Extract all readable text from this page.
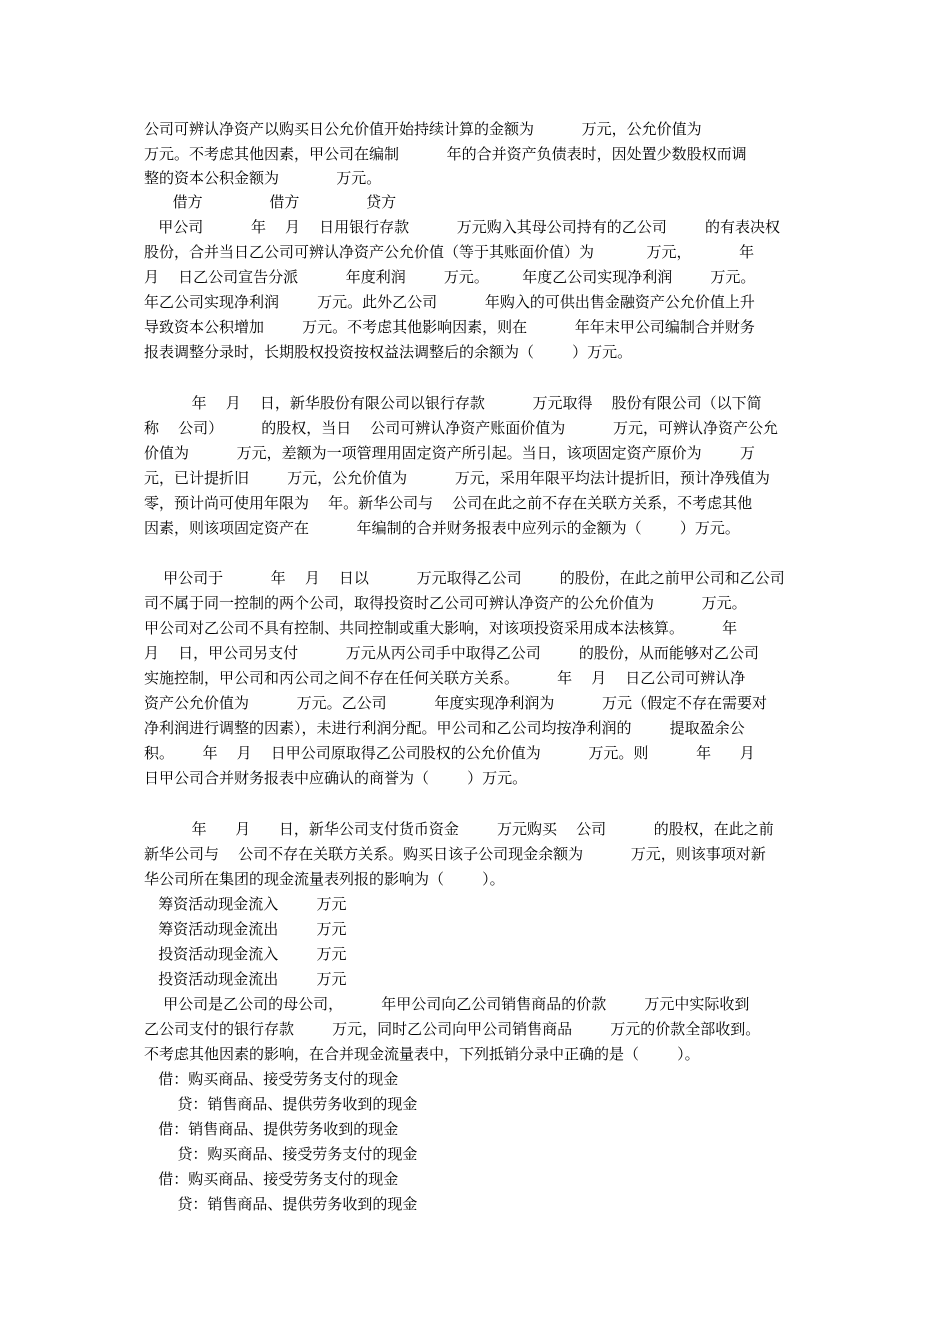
公司可辨认净资产以购买日公允价值开始持续计算的金额为          万元，公允价值为

万元。不考虑其他因素，甲公司在编制          年的合并资产负债表时，因处置少数股权而调

整的资本公积金额为            万元。

借方              借方              贷方

甲公司          年    月    日用银行存款          万元购入其母公司持有的乙公司        的有表决权

股份，合并当日乙公司可辨认净资产公允价值（等于其账面价值）为           万元，          年

月    日乙公司宣告分派          年度利润        万元。       年度乙公司实现净利润        万元。

年乙公司实现净利润        万元。此外乙公司          年购入的可供出售金融资产公允价值上升

导致资本公积增加        万元。不考虑其他影响因素，则在          年年末甲公司编制合并财务

报表调整分录时，长期股权投资按权益法调整后的余额为（        ）万元。

年    月    日，新华股份有限公司以银行存款          万元取得    股份有限公司（以下简

称    公司）        的股权，当日    公司可辨认净资产账面价值为          万元，可辨认净资产公允

价值为          万元，差额为一项管理用固定资产所引起。当日，该项固定资产原价为        万

元，已计提折旧        万元，公允价值为          万元，采用年限平均法计提折旧，预计净残值为

零，预计尚可使用年限为    年。新华公司与    公司在此之前不存在关联方关系，不考虑其他

因素，则该项固定资产在          年编制的合并财务报表中应列示的金额为（        ）万元。

甲公司于          年    月    日以          万元取得乙公司        的股份，在此之前甲公司和乙公司

司不属于同一控制的两个公司，取得投资时乙公司可辨认净资产的公允价值为          万元。

甲公司对乙公司不具有控制、共同控制或重大影响，对该项投资采用成本法核算。        年

月    日，甲公司另支付          万元从丙公司手中取得乙公司        的股份，从而能够对乙公司

实施控制，甲公司和丙公司之间不存在任何关联方关系。        年    月    日乙公司可辨认净

资产公允价值为          万元。乙公司          年度实现净利润为          万元（假定不存在需要对

净利润进行调整的因素），未进行利润分配。甲公司和乙公司均按净利润的        提取盈余公

积。      年    月    日甲公司原取得乙公司股权的公允价值为          万元。则          年      月

日甲公司合并财务报表中应确认的商誉为（        ）万元。

年      月      日，新华公司支付货币资金        万元购买    公司          的股权，在此之前

新华公司与    公司不存在关联方关系。购买日该子公司现金余额为          万元，则该事项对新

华公司所在集团的现金流量表列报的影响为（        ）。

筹资活动现金流入        万元

筹资活动现金流出        万元

投资活动现金流入        万元

投资活动现金流出        万元

甲公司是乙公司的母公司，        年甲公司向乙公司销售商品的价款        万元中实际收到

乙公司支付的银行存款        万元，同时乙公司向甲公司销售商品        万元的价款全部收到。

不考虑其他因素的影响，在合并现金流量表中，下列抵销分录中正确的是（        ）。

借：购买商品、接受劳务支付的现金

贷：销售商品、提供劳务收到的现金

借：销售商品、提供劳务收到的现金

贷：购买商品、接受劳务支付的现金

借：购买商品、接受劳务支付的现金

贷：销售商品、提供劳务收到的现金
